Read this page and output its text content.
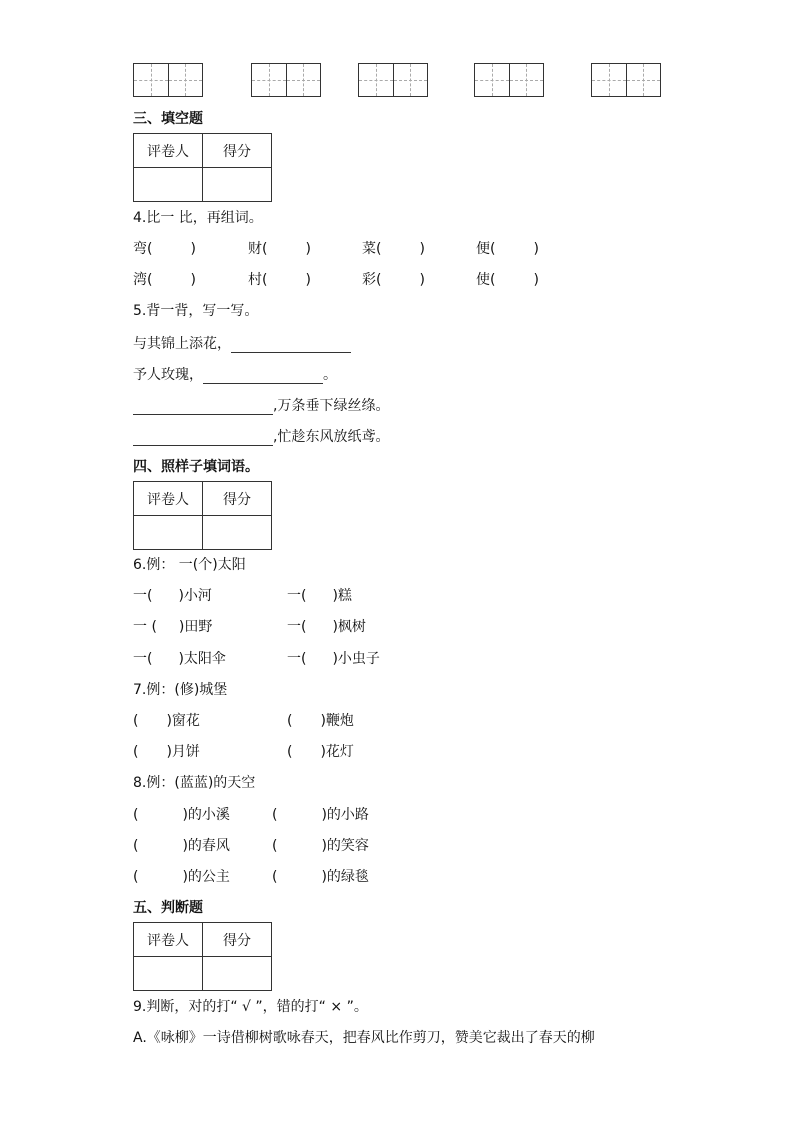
三、填空题
评卷人	得分

4.比一 比，再组词。
弯(	)	财(	)	菜(	)	便(	)
湾(	)	村(	)	彩(	)	使(	)
5.背一背，写一写。
与其锦上添花，
予人玫瑰，	。
,万条垂下绿丝绦。
,忙趁东风放纸鸢。
四、照样子填词语。
评卷人	得分

6.例： 一(个)太阳
一( )小河	一( )糕
一 ( )田野	一( )枫树
一( )太阳伞	一( )小虫子
7.例：(修)城堡
( )窗花	( )鞭炮
( )月饼	( )花灯
8.例：(蓝蓝)的天空
(	)的小溪	(	)的小路
(	)的春风	(	)的笑容
(	)的公主	(	)的绿毯
五、判断题
评卷人	得分

9.判断，对的打“ √ ”，错的打“ × ”。
A.《咏柳》一诗借柳树歌咏春天，把春风比作剪刀，赞美它裁出了春天的柳
